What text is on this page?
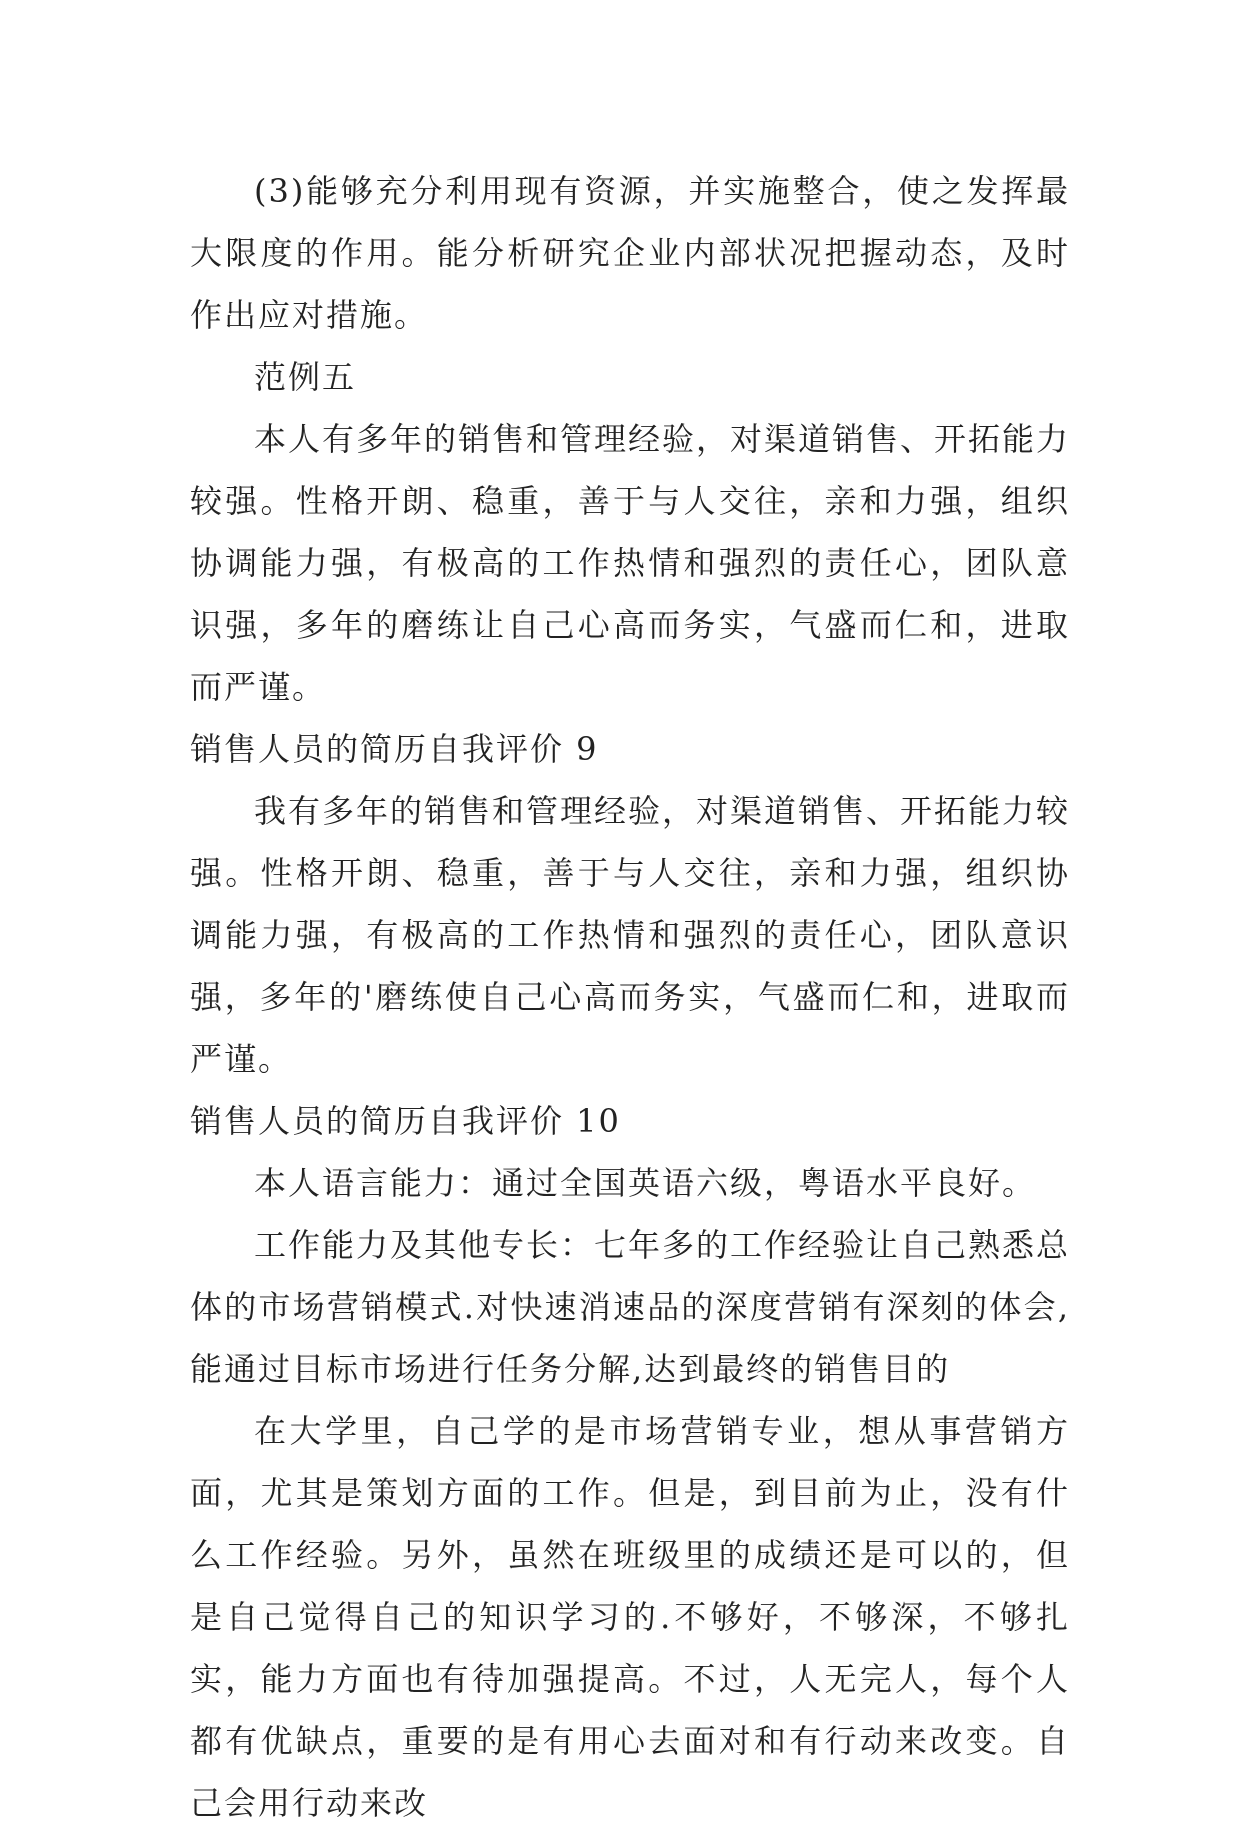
(3)能够充分利用现有资源，并实施整合，使之发挥最大限度的作用。能分析研究企业内部状况把握动态，及时作出应对措施。

范例五

本人有多年的销售和管理经验，对渠道销售、开拓能力较强。性格开朗、稳重，善于与人交往，亲和力强，组织协调能力强，有极高的工作热情和强烈的责任心，团队意识强，多年的磨练让自己心高而务实，气盛而仁和，进取而严谨。

销售人员的简历自我评价 9

我有多年的销售和管理经验，对渠道销售、开拓能力较强。性格开朗、稳重，善于与人交往，亲和力强，组织协调能力强，有极高的工作热情和强烈的责任心，团队意识强，多年的'磨练使自己心高而务实，气盛而仁和，进取而严谨。

销售人员的简历自我评价 10

本人语言能力：通过全国英语六级，粤语水平良好。

工作能力及其他专长：七年多的工作经验让自己熟悉总体的市场营销模式.对快速消速品的深度营销有深刻的体会,能通过目标市场进行任务分解,达到最终的销售目的

在大学里，自己学的是市场营销专业，想从事营销方面，尤其是策划方面的工作。但是，到目前为止，没有什么工作经验。另外，虽然在班级里的成绩还是可以的，但是自己觉得自己的知识学习的.不够好，不够深，不够扎实，能力方面也有待加强提高。不过，人无完人，每个人都有优缺点，重要的是有用心去面对和有行动来改变。自己会用行动来改
